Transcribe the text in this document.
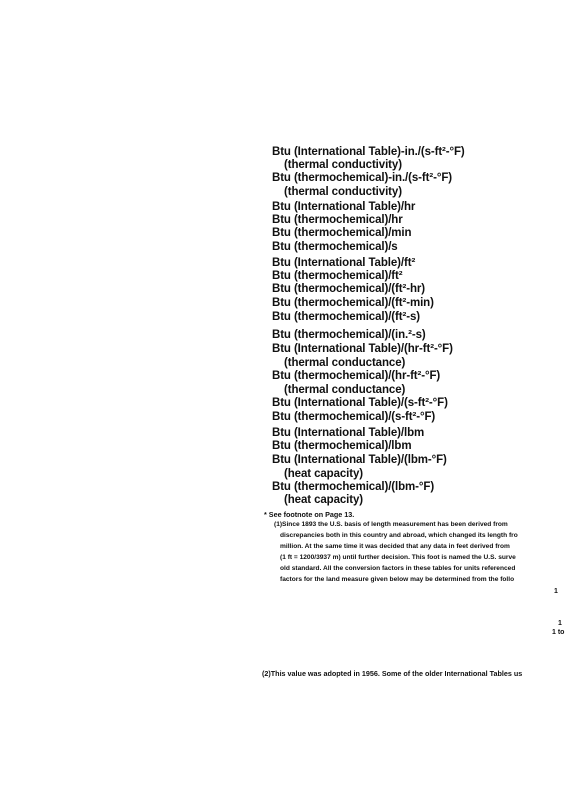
Btu (International Table)-in./(s-ft²-°F)
(thermal conductivity)
Btu (thermochemical)-in./(s-ft²-°F)
(thermal conductivity)
Btu (International Table)/hr
Btu (thermochemical)/hr
Btu (thermochemical)/min
Btu (thermochemical)/s
Btu (International Table)/ft²
Btu (thermochemical)/ft²
Btu (thermochemical)/(ft²-hr)
Btu (thermochemical)/(ft²-min)
Btu (thermochemical)/(ft²-s)
Btu (thermochemical)/(in.²-s)
Btu (International Table)/(hr-ft²-°F)
(thermal conductance)
Btu (thermochemical)/(hr-ft²-°F)
(thermal conductance)
Btu (International Table)/(s-ft²-°F)
Btu (thermochemical)/(s-ft²-°F)
Btu (International Table)/lbm
Btu (thermochemical)/lbm
Btu (International Table)/(lbm-°F)
(heat capacity)
Btu (thermochemical)/(lbm-°F)
(heat capacity)
* See footnote on Page 13.
(1)Since 1893 the U.S. basis of length measurement has been derived from
discrepancies both in this country and abroad, which changed its length fro
million. At the same time it was decided that any data in feet derived from
(1 ft = 1200/3937 m) until further decision. This foot is named the U.S. surve
old standard. All the conversion factors in these tables for units referenced
factors for the land measure given below may be determined from the follo
1
1
1 to
(2)This value was adopted in 1956. Some of the older International Tables us
